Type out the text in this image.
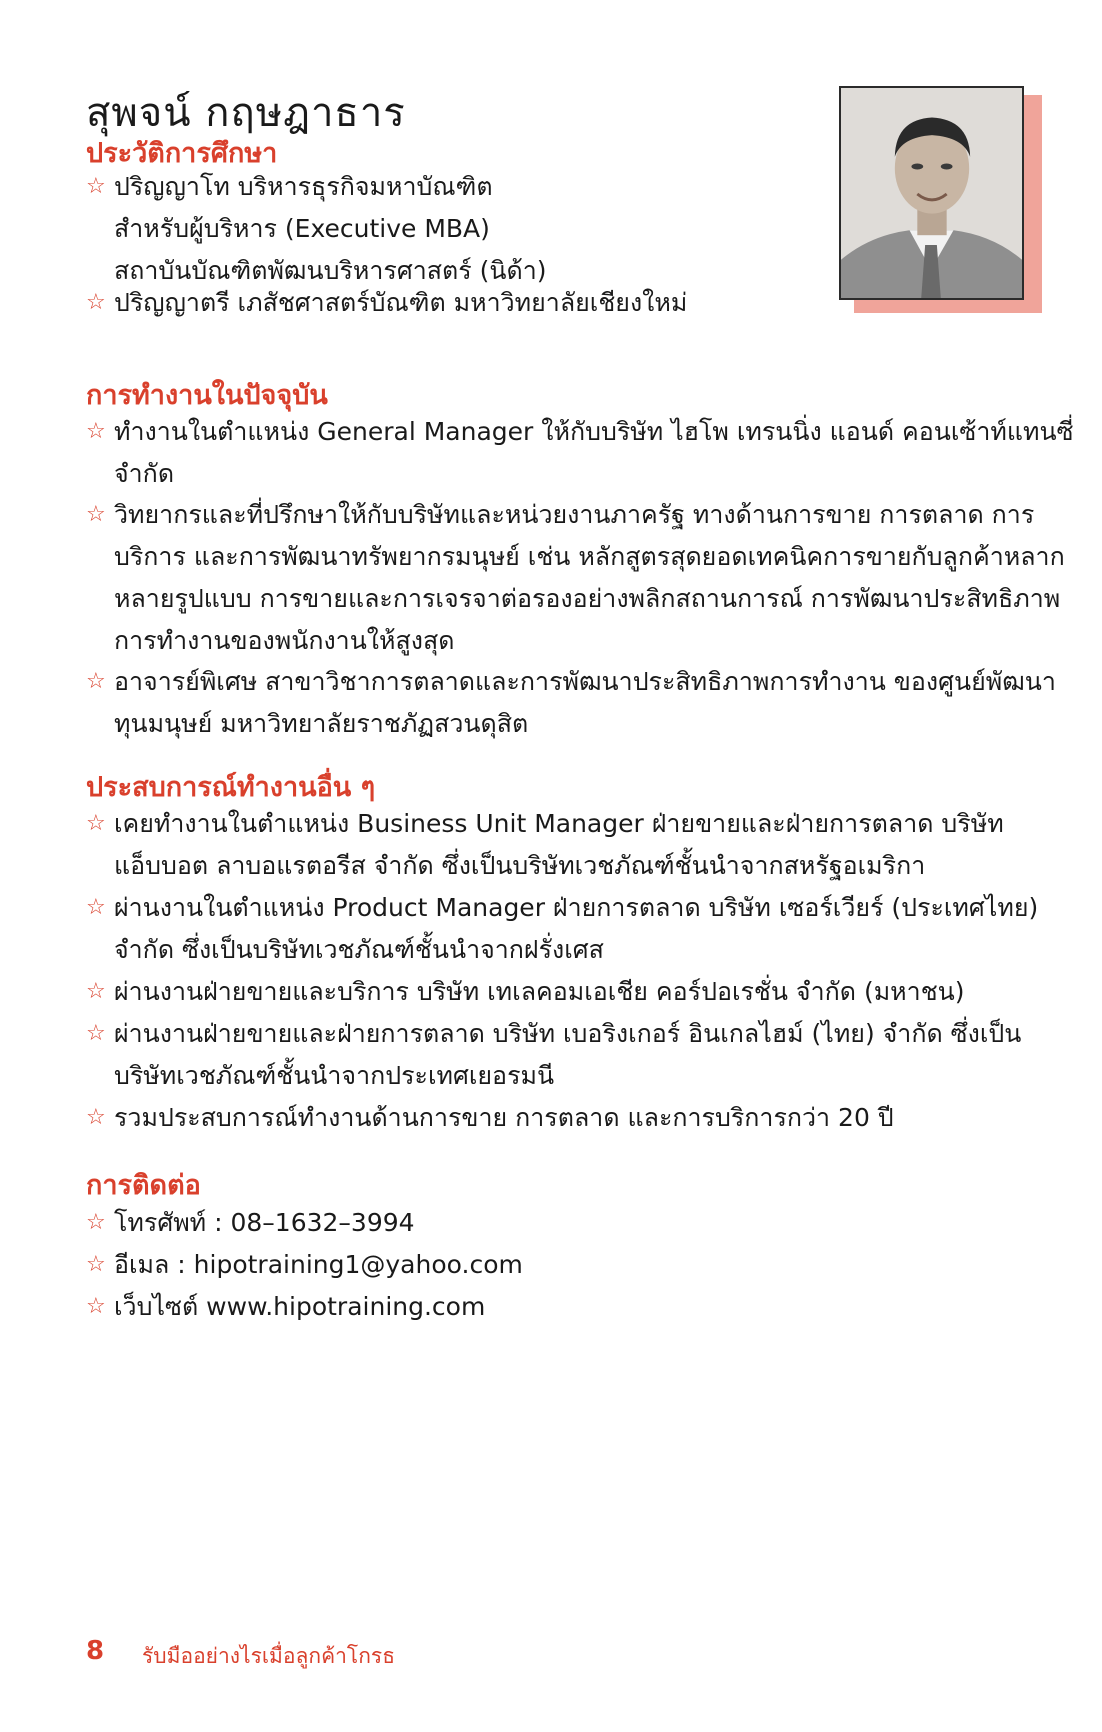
สุพจน์ กฤษฎาธาร
ประวัติการศึกษา
☆ ปริญญาโท บริหารธุรกิจมหาบัณฑิต
สำหรับผู้บริหาร (Executive MBA)
สถาบันบัณฑิตพัฒนบริหารศาสตร์ (นิด้า)
☆ ปริญญาตรี เภสัชศาสตร์บัณฑิต มหาวิทยาลัยเชียงใหม่
การทำงานในปัจจุบัน
☆ ทำงานในตำแหน่ง General Manager ให้กับบริษัท ไฮโพ เทรนนิ่ง แอนด์ คอนเซ้าท์แทนซี่
จำกัด
☆ วิทยากรและที่ปรึกษาให้กับบริษัทและหน่วยงานภาครัฐ ทางด้านการขาย การตลาด การ
บริการ และการพัฒนาทรัพยากรมนุษย์ เช่น หลักสูตรสุดยอดเทคนิคการขายกับลูกค้าหลาก
หลายรูปแบบ การขายและการเจรจาต่อรองอย่างพลิกสถานการณ์ การพัฒนาประสิทธิภาพ
การทำงานของพนักงานให้สูงสุด
☆ อาจารย์พิเศษ สาขาวิชาการตลาดและการพัฒนาประสิทธิภาพการทำงาน ของศูนย์พัฒนา
ทุนมนุษย์ มหาวิทยาลัยราชภัฏสวนดุสิต
ประสบการณ์ทำงานอื่น ๆ
☆ เคยทำงานในตำแหน่ง Business Unit Manager ฝ่ายขายและฝ่ายการตลาด บริษัท
แอ็บบอต ลาบอแรตอรีส จำกัด ซึ่งเป็นบริษัทเวชภัณฑ์ชั้นนำจากสหรัฐอเมริกา
☆ ผ่านงานในตำแหน่ง Product Manager ฝ่ายการตลาด บริษัท เซอร์เวียร์ (ประเทศไทย)
จำกัด ซึ่งเป็นบริษัทเวชภัณฑ์ชั้นนำจากฝรั่งเศส
☆ ผ่านงานฝ่ายขายและบริการ บริษัท เทเลคอมเอเชีย คอร์ปอเรชั่น จำกัด (มหาชน)
☆ ผ่านงานฝ่ายขายและฝ่ายการตลาด บริษัท เบอริงเกอร์ อินเกลไฮม์ (ไทย) จำกัด ซึ่งเป็น
บริษัทเวชภัณฑ์ชั้นนำจากประเทศเยอรมนี
☆ รวมประสบการณ์ทำงานด้านการขาย การตลาด และการบริการกว่า 20 ปี
การติดต่อ
☆ โทรศัพท์ : 08–1632–3994
☆ อีเมล : hipotraining1@yahoo.com
☆ เว็บไซต์ www.hipotraining.com
8 รับมืออย่างไรเมื่อลูกค้าโกรธ
